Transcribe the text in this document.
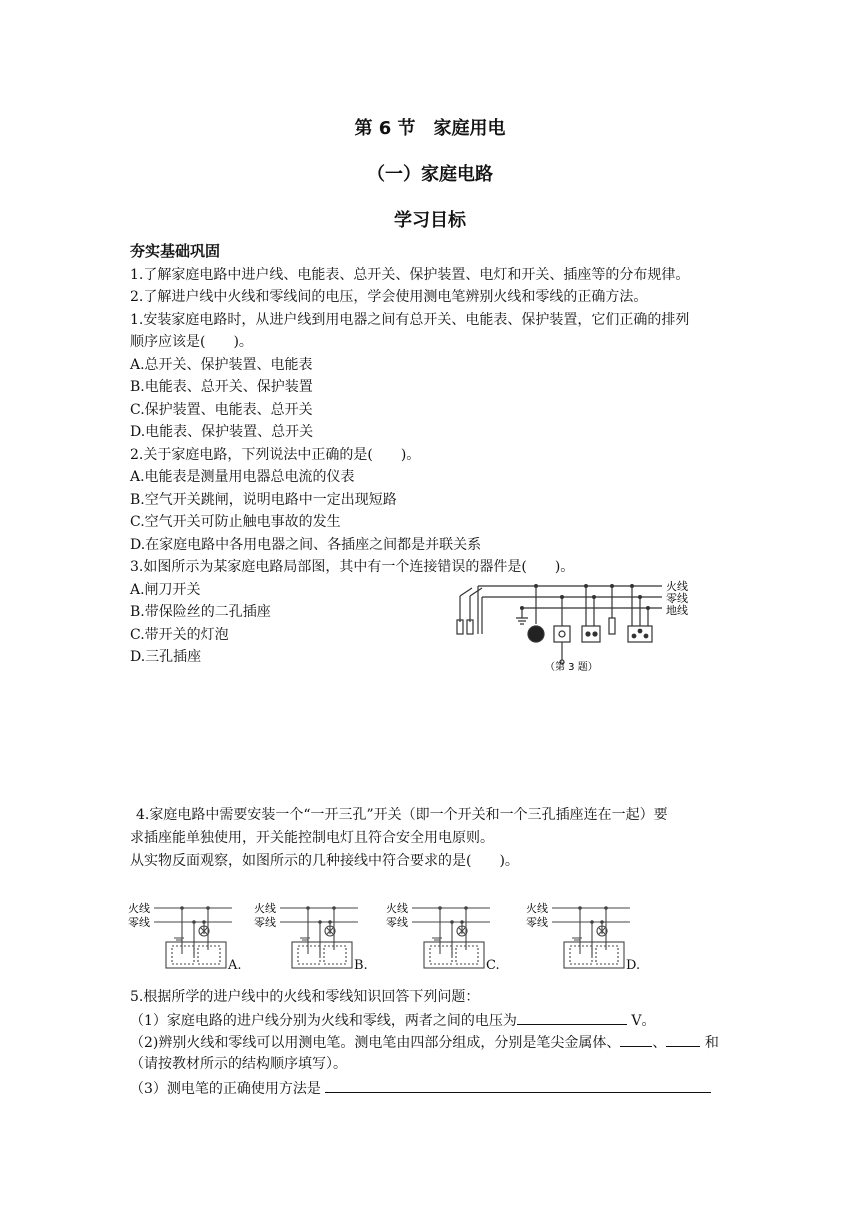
第 6 节　家庭用电
（一）家庭电路
学习目标
夯实基础巩固
1.了解家庭电路中进户线、电能表、总开关、保护装置、电灯和开关、插座等的分布规律。
2.了解进户线中火线和零线间的电压，学会使用测电笔辨别火线和零线的正确方法。
1.安装家庭电路时，从进户线到用电器之间有总开关、电能表、保护装置，它们正确的排列
顺序应该是(　　)。
A.总开关、保护装置、电能表
B.电能表、总开关、保护装置
C.保护装置、电能表、总开关
D.电能表、保护装置、总开关
2.关于家庭电路，下列说法中正确的是(　　)。
A.电能表是测量用电器总电流的仪表
B.空气开关跳闸，说明电路中一定出现短路
C.空气开关可防止触电事故的发生
D.在家庭电路中各用电器之间、各插座之间都是并联关系
3.如图所示为某家庭电路局部图，其中有一个连接错误的器件是(　　)。
A.闸刀开关
B.带保险丝的二孔插座
C.带开关的灯泡
D.三孔插座
火线
零线
地线
（第 3 题）
4.家庭电路中需要安装一个“一开三孔”开关（即一个开关和一个三孔插座连在一起）要
求插座能单独使用，开关能控制电灯且符合安全用电原则。
从实物反面观察，如图所示的几种接线中符合要求的是(　　)。
火线
零线
A.
火线
零线
B.
火线
零线
C.
火线
零线
D.
5.根据所学的进户线中的火线和零线知识回答下列问题：
（1）家庭电路的进户线分别为火线和零线，两者之间的电压为	V。
（2)辨别火线和零线可以用测电笔。测电笔由四部分组成，分别是笔尖金属体、 、 和
（请按教材所示的结构顺序填写）。
（3）测电笔的正确使用方法是
